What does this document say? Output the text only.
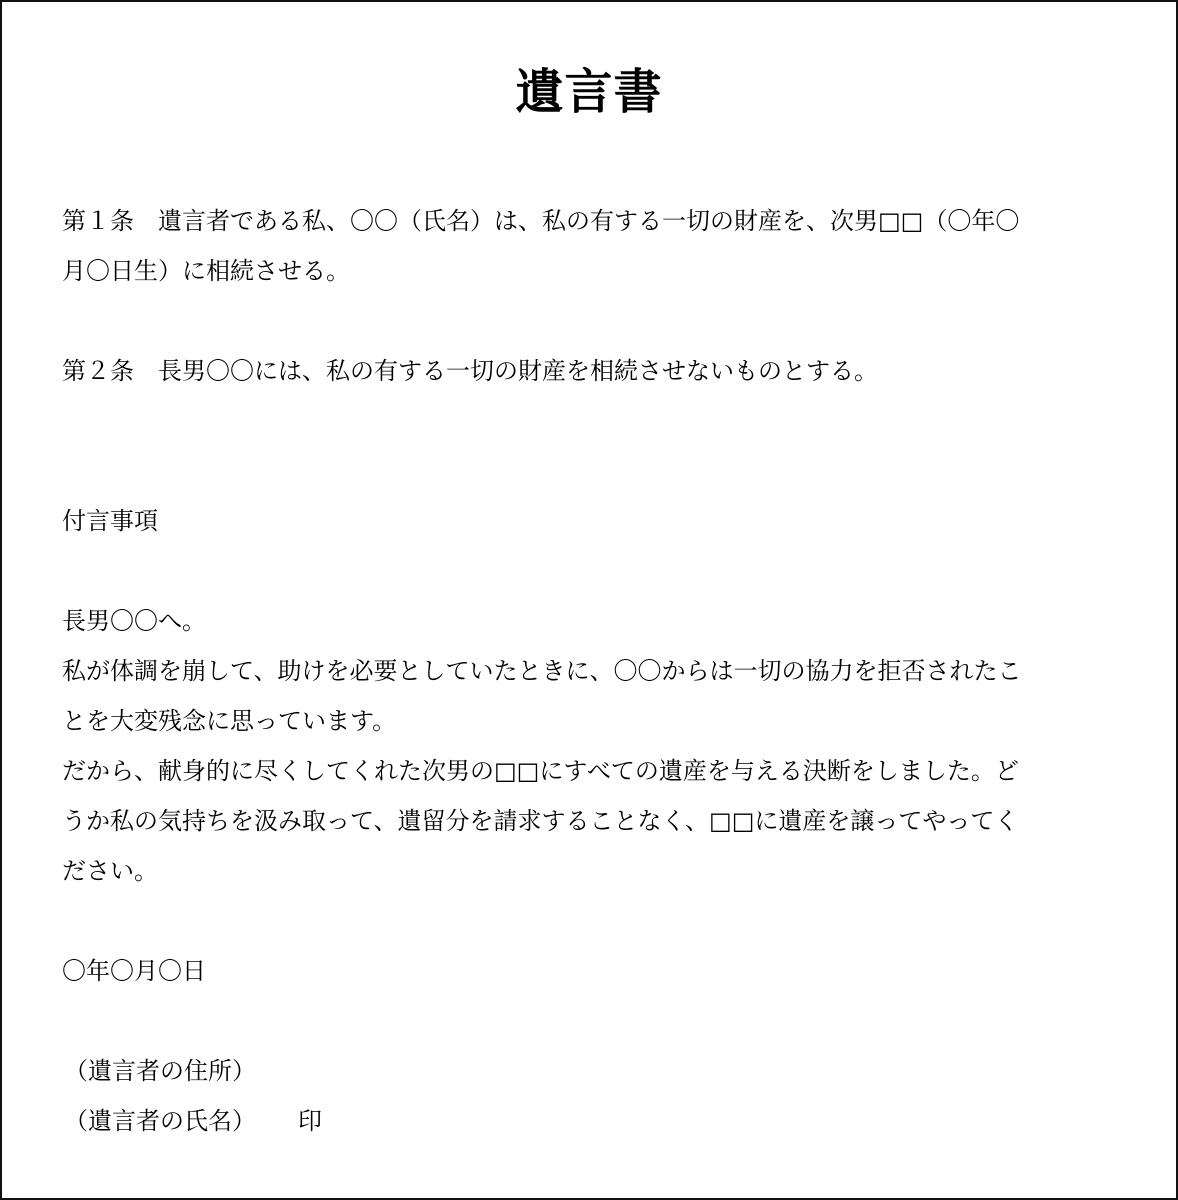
遺言書
第１条　遺言者である私、〇〇（氏名）は、私の有する一切の財産を、次男□□（〇年〇
月〇日生）に相続させる。
第２条　長男〇〇には、私の有する一切の財産を相続させないものとする。
付言事項
長男〇〇へ。
私が体調を崩して、助けを必要としていたときに、〇〇からは一切の協力を拒否されたこ
とを大変残念に思っています。
だから、献身的に尽くしてくれた次男の□□にすべての遺産を与える決断をしました。ど
うか私の気持ちを汲み取って、遺留分を請求することなく、□□に遺産を譲ってやってく
ださい。
〇年〇月〇日
（遺言者の住所）
（遺言者の氏名） 印
